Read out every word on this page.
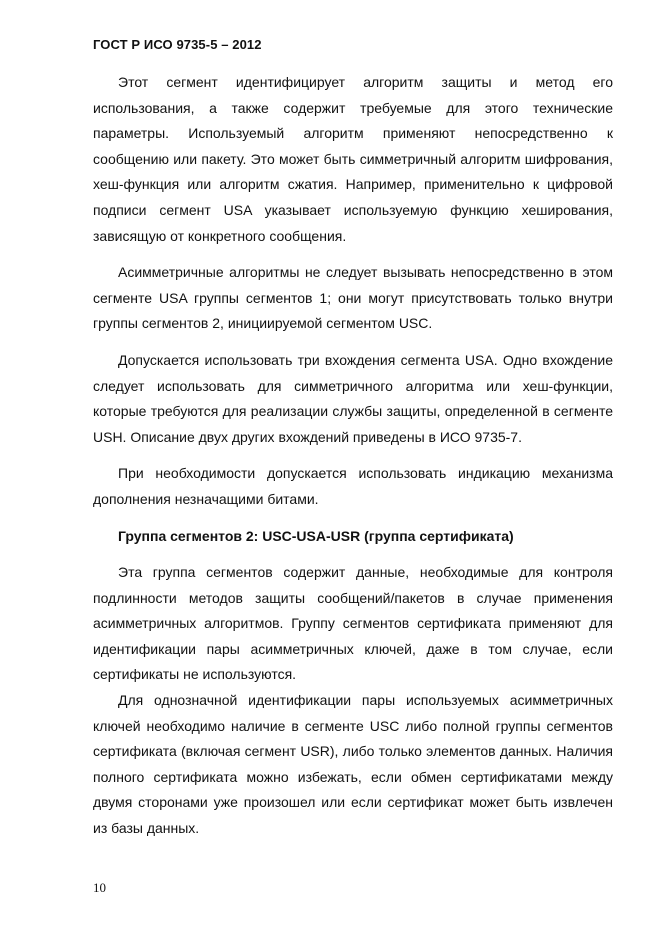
ГОСТ Р ИСО 9735-5 – 2012

Этот сегмент идентифицирует алгоритм защиты и метод его использования, а также содержит требуемые для этого технические параметры. Используемый алгоритм применяют непосредственно к сообщению или пакету. Это может быть симметричный алгоритм шифрования, хеш-функция или алгоритм сжатия. Например, применительно к цифровой подписи сегмент USA указывает используемую функцию хеширования, зависящую от конкретного сообщения.

Асимметричные алгоритмы не следует вызывать непосредственно в этом сегменте USA группы сегментов 1; они могут присутствовать только внутри группы сегментов 2, инициируемой сегментом USC.

Допускается использовать три вхождения сегмента USA. Одно вхождение следует использовать для симметричного алгоритма или хеш-функции, которые требуются для реализации службы защиты, определенной в сегменте USH. Описание двух других вхождений приведены в ИСО 9735-7.

При необходимости допускается использовать индикацию механизма дополнения незначащими битами.

Группа сегментов 2: USC-USA-USR (группа сертификата)

Эта группа сегментов содержит данные, необходимые для контроля подлинности методов защиты сообщений/пакетов в случае применения асимметричных алгоритмов. Группу сегментов сертификата применяют для идентификации пары асимметричных ключей, даже в том случае, если сертификаты не используются.

Для однозначной идентификации пары используемых асимметричных ключей необходимо наличие в сегменте USC либо полной группы сегментов сертификата (включая сегмент USR), либо только элементов данных. Наличия полного сертификата можно избежать, если обмен сертификатами между двумя сторонами уже произошел или если сертификат может быть извлечен из базы данных.

10
